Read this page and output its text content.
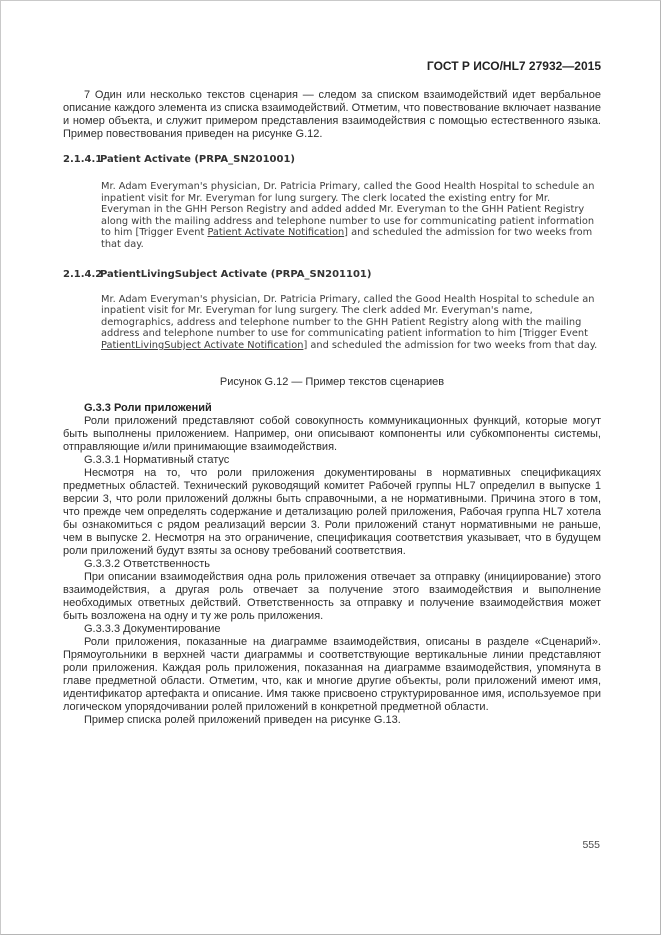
ГОСТ Р ИСО/HL7 27932—2015

7 Один или несколько текстов сценария — следом за списком взаимодействий идет вербальное описание каждого элемента из списка взаимодействий. Отметим, что повествование включает название и номер объекта, и служит примером представления взаимодействия с помощью естественного языка. Пример повествования приведен на рисунке G.12.

2.1.4.1Patient Activate (PRPA_SN201001)
Mr. Adam Everyman's physician, Dr. Patricia Primary, called the Good Health Hospital to schedule an inpatient visit for Mr. Everyman for lung surgery. The clerk located the existing entry for Mr. Everyman in the GHH Person Registry and added added Mr. Everyman to the GHH Patient Registry along with the mailing address and telephone number to use for communicating patient information to him [Trigger Event Patient Activate Notification] and scheduled the admission for two weeks from that day.
2.1.4.2PatientLivingSubject Activate (PRPA_SN201101)
Mr. Adam Everyman's physician, Dr. Patricia Primary, called the Good Health Hospital to schedule an inpatient visit for Mr. Everyman for lung surgery. The clerk added Mr. Everyman's name, demographics, address and telephone number to the GHH Patient Registry along with the mailing address and telephone number to use for communicating patient information to him [Trigger Event PatientLivingSubject Activate Notification] and scheduled the admission for two weeks from that day.
Рисунок G.12 — Пример текстов сценариев
G.3.3 Роли приложений

Роли приложений представляют собой совокупность коммуникационных функций, которые могут быть выполнены приложением. Например, они описывают компоненты или субкомпоненты системы, отправляющие и/или принимающие взаимодействия.

G.3.3.1 Нормативный статус

Несмотря на то, что роли приложения документированы в нормативных спецификациях предметных областей. Технический руководящий комитет Рабочей группы HL7 определил в выпуске 1 версии 3, что роли приложений должны быть справочными, а не нормативными. Причина этого в том, что прежде чем определять содержание и детализацию ролей приложения, Рабочая группа HL7 хотела бы ознакомиться с рядом реализаций версии 3. Роли приложений станут нормативными не раньше, чем в выпуске 2. Несмотря на это ограничение, спецификация соответствия указывает, что в будущем роли приложений будут взяты за основу требований соответствия.

G.3.3.2 Ответственность

При описании взаимодействия одна роль приложения отвечает за отправку (инициирование) этого взаимодействия, а другая роль отвечает за получение этого взаимодействия и выполнение необходимых ответных действий. Ответственность за отправку и получение взаимодействия может быть возложена на одну и ту же роль приложения.

G.3.3.3 Документирование

Роли приложения, показанные на диаграмме взаимодействия, описаны в разделе «Сценарий». Прямоугольники в верхней части диаграммы и соответствующие вертикальные линии представляют роли приложения. Каждая роль приложения, показанная на диаграмме взаимодействия, упомянута в главе предметной области. Отметим, что, как и многие другие объекты, роли приложений имеют имя, идентификатор артефакта и описание. Имя также присвоено структурированное имя, используемое при логическом упорядочивании ролей приложений в конкретной предметной области.

Пример списка ролей приложений приведен на рисунке G.13.

555
